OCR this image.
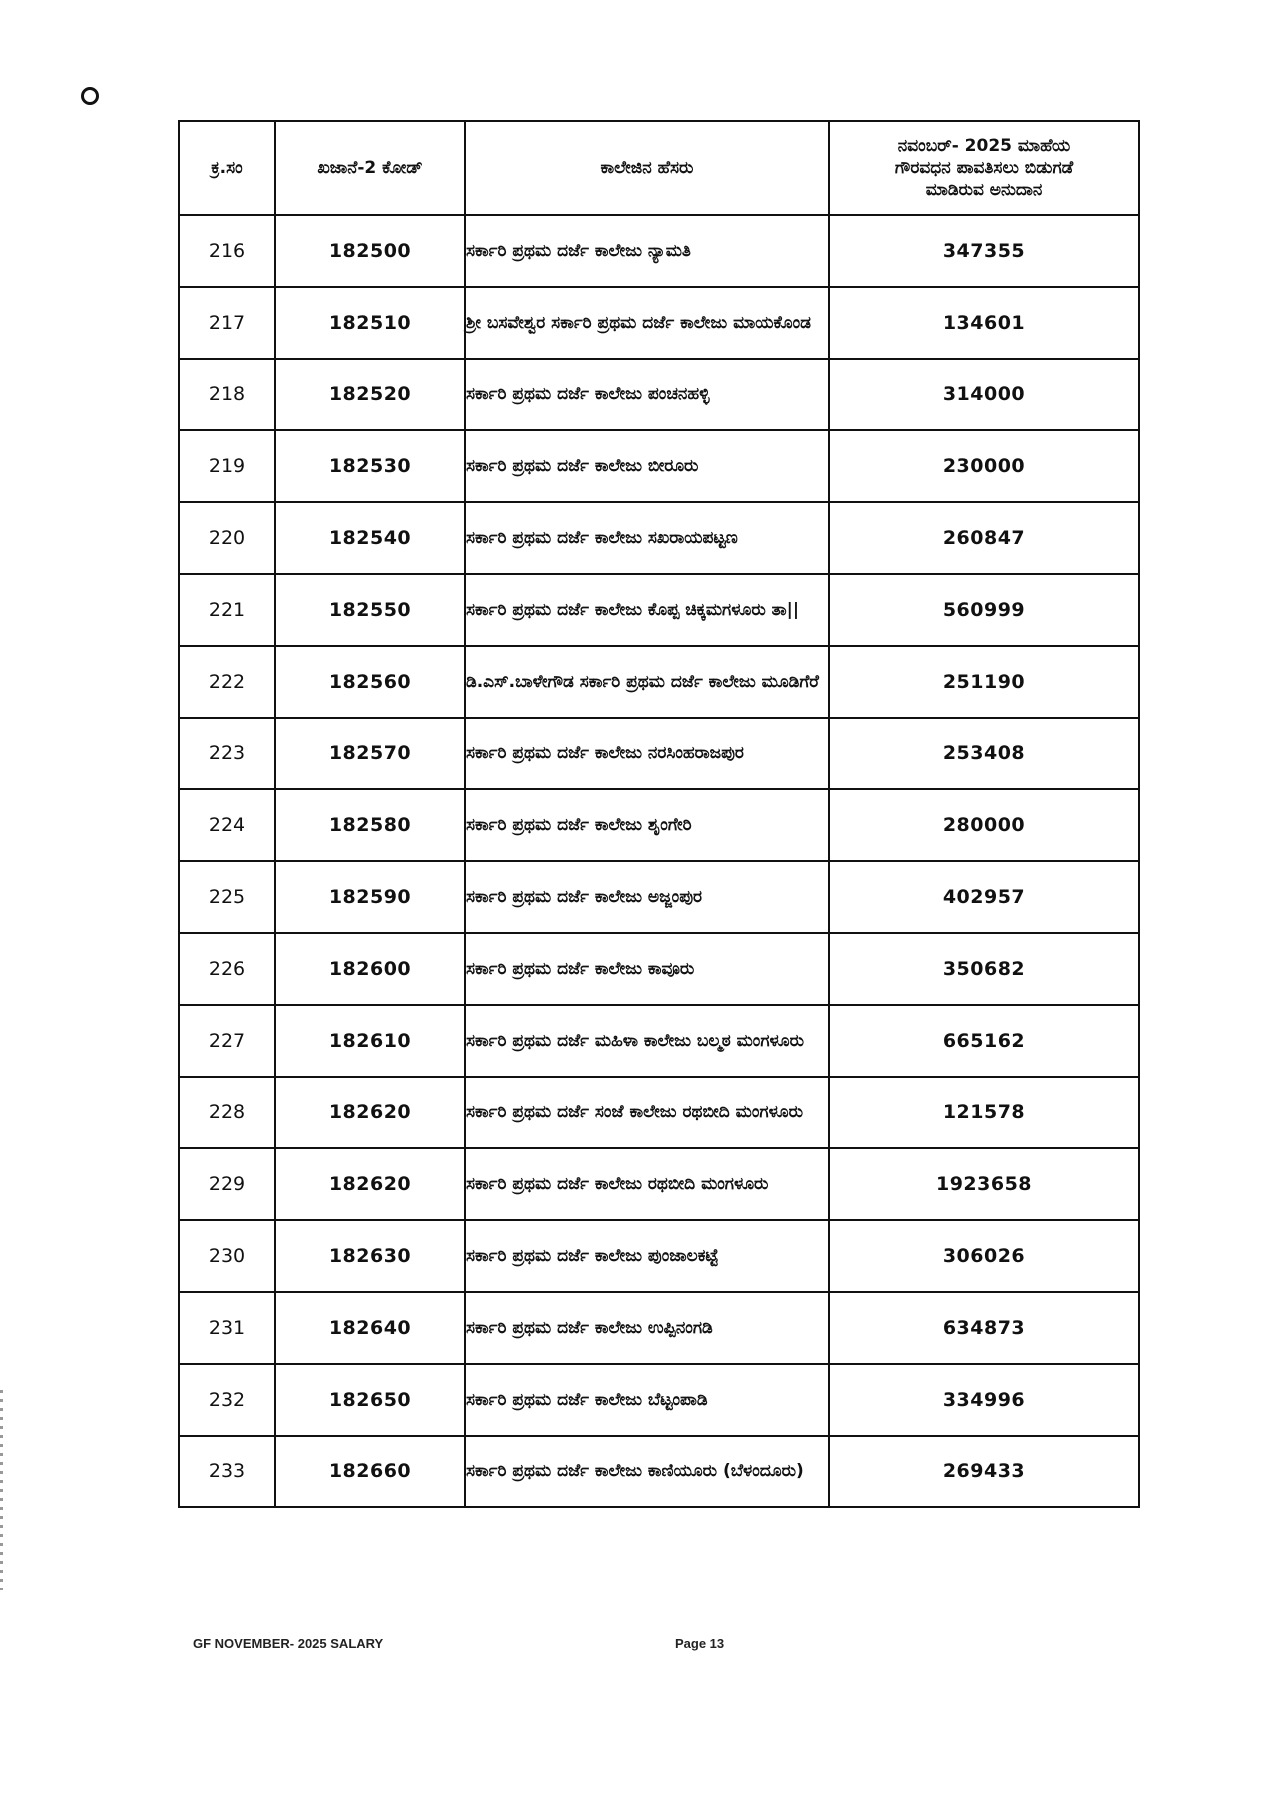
ಕ್ರ.ಸಂ	ಖಜಾನೆ-2 ಕೋಡ್	ಕಾಲೇಜಿನ ಹೆಸರು	ನವಂಬರ್- 2025 ಮಾಹೆಯ
ಗೌರವಧನ ಪಾವತಿಸಲು ಬಿಡುಗಡೆ
ಮಾಡಿರುವ ಅನುದಾನ

216	182500	ಸರ್ಕಾರಿ ಪ್ರಥಮ ದರ್ಜೆ ಕಾಲೇಜು ನ್ಯಾಮತಿ	347355
217	182510	ಶ್ರೀ ಬಸವೇಶ್ವರ ಸರ್ಕಾರಿ ಪ್ರಥಮ ದರ್ಜೆ ಕಾಲೇಜು ಮಾಯಕೊಂಡ	134601
218	182520	ಸರ್ಕಾರಿ ಪ್ರಥಮ ದರ್ಜೆ ಕಾಲೇಜು ಪಂಚನಹಳ್ಳಿ	314000
219	182530	ಸರ್ಕಾರಿ ಪ್ರಥಮ ದರ್ಜೆ ಕಾಲೇಜು ಬೀರೂರು	230000
220	182540	ಸರ್ಕಾರಿ ಪ್ರಥಮ ದರ್ಜೆ ಕಾಲೇಜು ಸಖರಾಯಪಟ್ಟಣ	260847
221	182550	ಸರ್ಕಾರಿ ಪ್ರಥಮ ದರ್ಜೆ ಕಾಲೇಜು ಕೊಪ್ಪ ಚಿಕ್ಕಮಗಳೂರು ತಾ||	560999
222	182560	ಡಿ.ಎಸ್.ಬಾಳೇಗೌಡ ಸರ್ಕಾರಿ ಪ್ರಥಮ ದರ್ಜೆ ಕಾಲೇಜು ಮೂಡಿಗೆರೆ	251190
223	182570	ಸರ್ಕಾರಿ ಪ್ರಥಮ ದರ್ಜೆ ಕಾಲೇಜು ನರಸಿಂಹರಾಜಪುರ	253408
224	182580	ಸರ್ಕಾರಿ ಪ್ರಥಮ ದರ್ಜೆ ಕಾಲೇಜು ಶೃಂಗೇರಿ	280000
225	182590	ಸರ್ಕಾರಿ ಪ್ರಥಮ ದರ್ಜೆ ಕಾಲೇಜು ಅಜ್ಜಂಪುರ	402957
226	182600	ಸರ್ಕಾರಿ ಪ್ರಥಮ ದರ್ಜೆ ಕಾಲೇಜು ಕಾವೂರು	350682
227	182610	ಸರ್ಕಾರಿ ಪ್ರಥಮ ದರ್ಜೆ ಮಹಿಳಾ ಕಾಲೇಜು ಬಲ್ಮಠ ಮಂಗಳೂರು	665162
228	182620	ಸರ್ಕಾರಿ ಪ್ರಥಮ ದರ್ಜೆ ಸಂಜೆ ಕಾಲೇಜು ರಥಬೀದಿ ಮಂಗಳೂರು	121578
229	182620	ಸರ್ಕಾರಿ ಪ್ರಥಮ ದರ್ಜೆ ಕಾಲೇಜು ರಥಬೀದಿ ಮಂಗಳೂರು	1923658
230	182630	ಸರ್ಕಾರಿ ಪ್ರಥಮ ದರ್ಜೆ ಕಾಲೇಜು ಪುಂಜಾಲಕಟ್ಟೆ	306026
231	182640	ಸರ್ಕಾರಿ ಪ್ರಥಮ ದರ್ಜೆ ಕಾಲೇಜು ಉಪ್ಪಿನಂಗಡಿ	634873
232	182650	ಸರ್ಕಾರಿ ಪ್ರಥಮ ದರ್ಜೆ ಕಾಲೇಜು ಬೆಟ್ಟಂಪಾಡಿ	334996
233	182660	ಸರ್ಕಾರಿ ಪ್ರಥಮ ದರ್ಜೆ ಕಾಲೇಜು ಕಾಣಿಯೂರು (ಬೆಳಂದೂರು)	269433
GF NOVEMBER- 2025 SALARY	Page 13
